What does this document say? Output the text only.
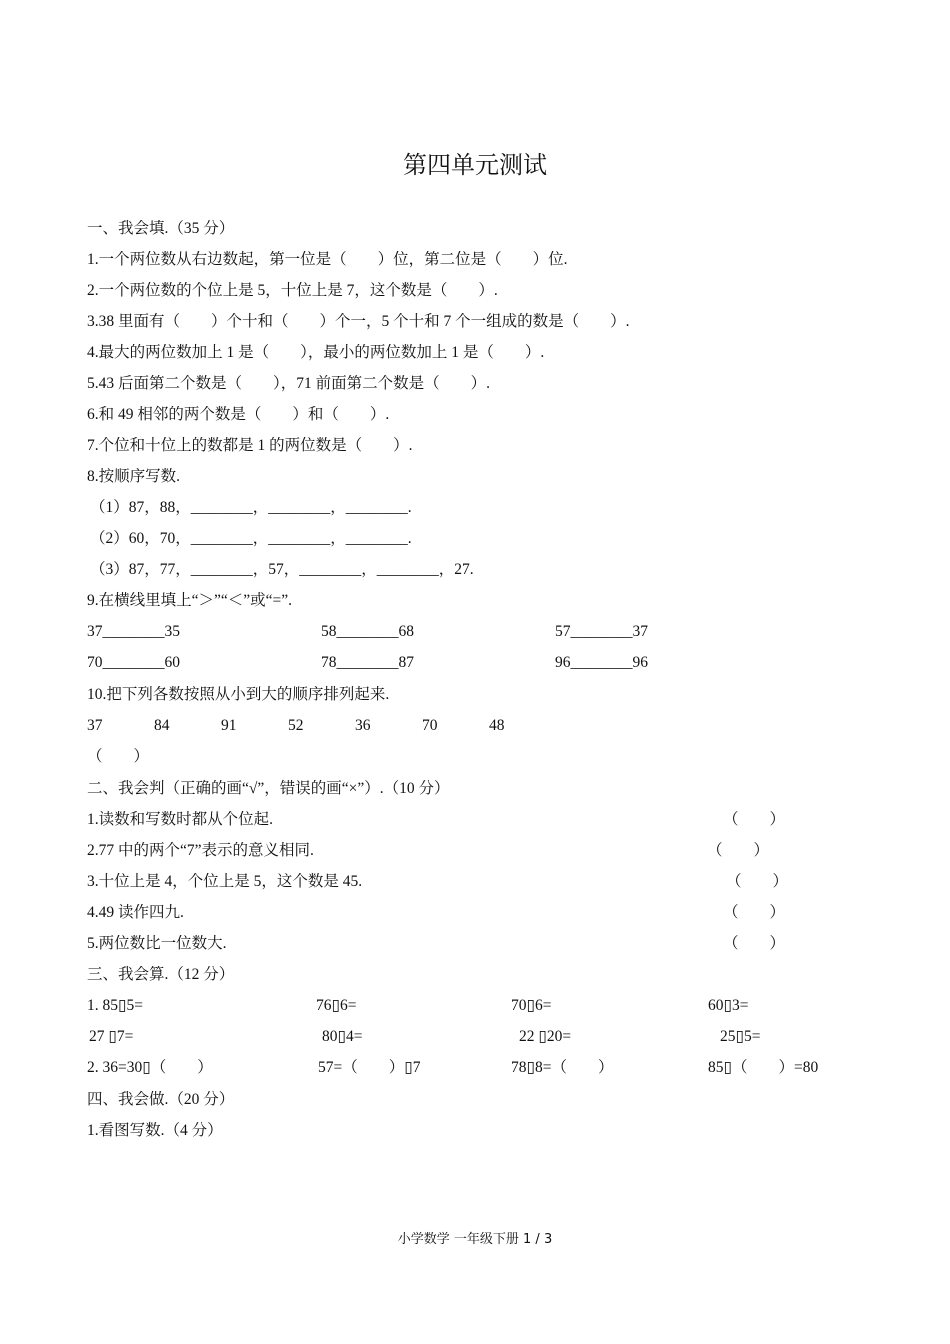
第四单元测试
一、我会填.（35 分）
1.一个两位数从右边数起，第一位是（　　）位，第二位是（　　）位.
2.一个两位数的个位上是 5，十位上是 7，这个数是（　　）.
3.38 里面有（　　）个十和（　　）个一，5 个十和 7 个一组成的数是（　　）.
4.最大的两位数加上 1 是（　　），最小的两位数加上 1 是（　　）.
5.43 后面第二个数是（　　），71 前面第二个数是（　　）.
6.和 49 相邻的两个数是（　　）和（　　）.
7.个位和十位上的数都是 1 的两位数是（　　）.
8.按顺序写数.
（1）87，88，________，________，________.
（2）60，70，________，________，________.
（3）87，77，________，57，________，________，27.
9.在横线里填上“＞”“＜”或“=”.
37________35	58________68	57________37
70________60	78________87	96________96
10.把下列各数按照从小到大的顺序排列起来.
37	84	91	52	36	70	48
（　　）
二、我会判（正确的画“√”，错误的画“×”）.（10 分）
1.读数和写数时都从个位起.	（　　）
2.77 中的两个“7”表示的意义相同.	（　　）
3.十位上是 4，个位上是 5，这个数是 45.	（　　）
4.49 读作四九.	（　　）
5.两位数比一位数大.	（　　）
三、我会算.（12 分）
1. 85▯5=	76▯6=	70▯6=	60▯3=
27 ▯7=	80▯4=	22 ▯20=	25▯5=
2. 36=30▯（　　）	57=（　　）▯7	78▯8=（　　）	85▯（　　）=80
四、我会做.（20 分）
1.看图写数.（4 分）
小学数学 一年级下册 1 / 3
